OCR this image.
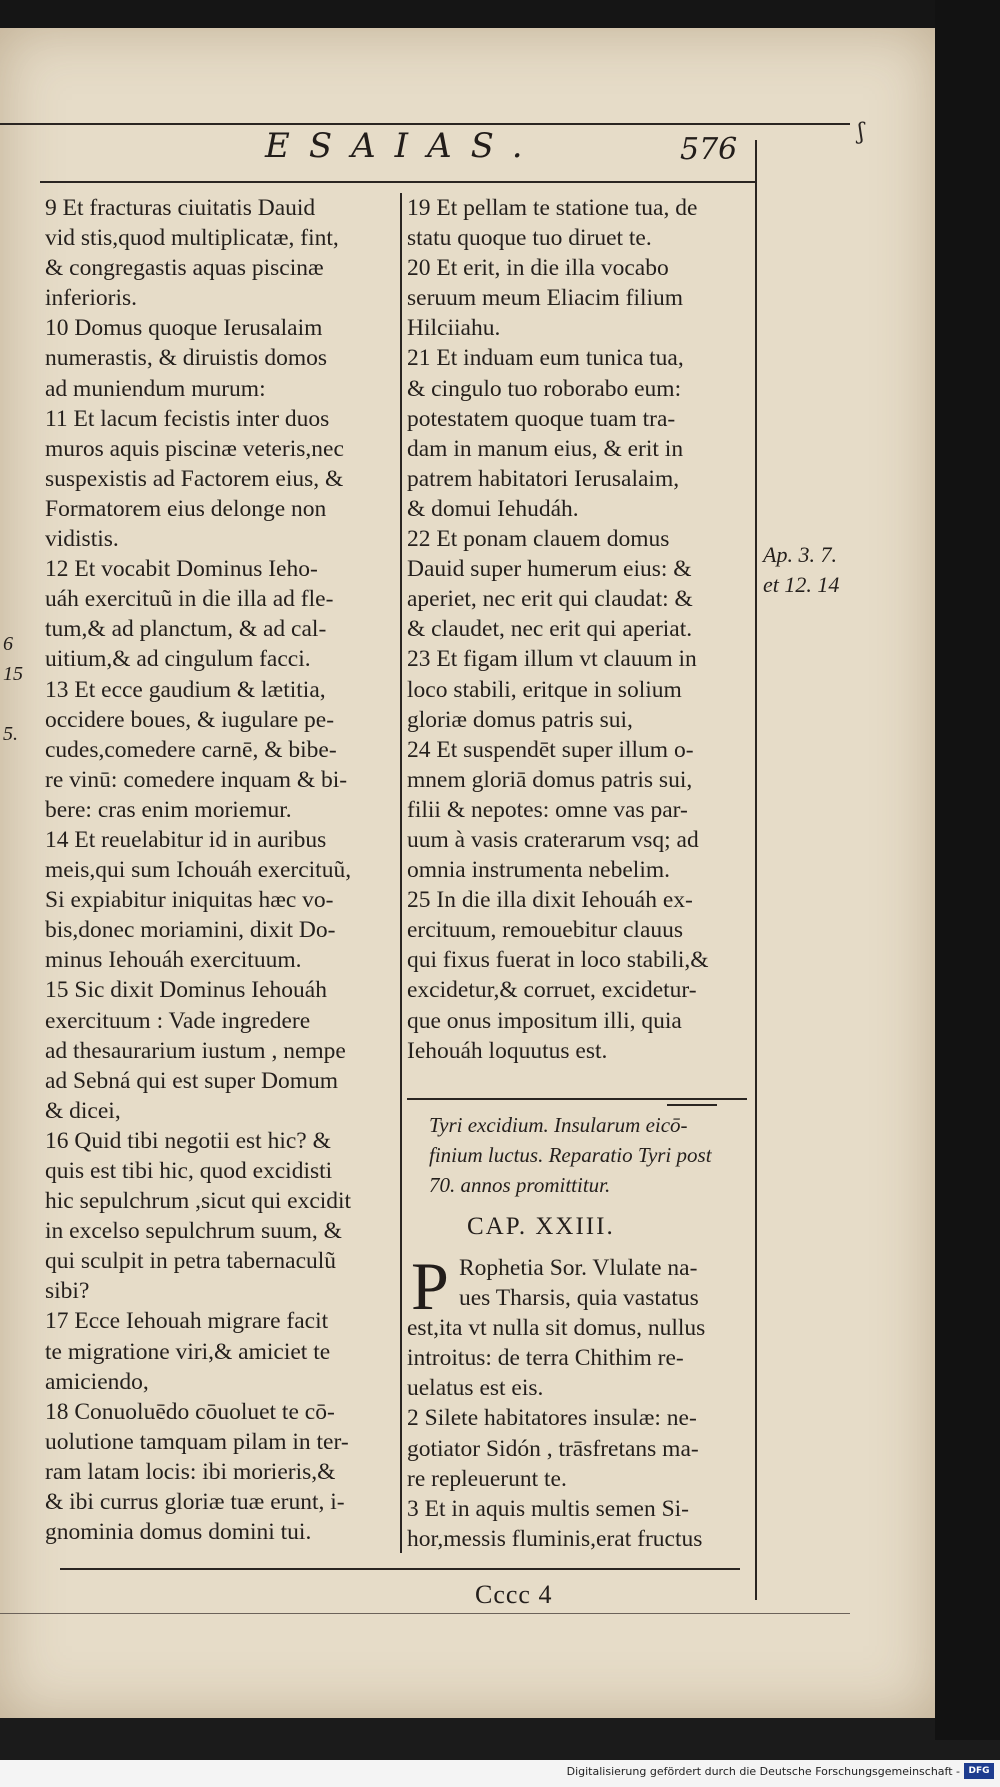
ʃ
ESAIAS.	576
9 Et fracturas ciuitatis Dauid
vid stis,quod multiplicatæ, fint,
& congregastis aquas piscinæ
inferioris.
10 Domus quoque Ierusalaim
numerastis, & diruistis domos
ad muniendum murum:
11 Et lacum fecistis inter duos
muros aquis piscinæ veteris,nec
suspexistis ad Factorem eius, &
Formatorem eius delonge non
vidistis.
12 Et vocabit Dominus Ieho-
uáh exercituũ in die illa ad fle-
tum,& ad planctum, & ad cal-
uitium,& ad cingulum facci.
13 Et ecce gaudium & lætitia,
occidere boues, & iugulare pe-
cudes,comedere carnē, & bibe-
re vinū: comedere inquam & bi-
bere: cras enim moriemur.
14 Et reuelabitur id in auribus
meis,qui sum Ichouáh exercituũ,
Si expiabitur iniquitas hæc vo-
bis,donec moriamini, dixit Do-
minus Iehouáh exercituum.
15 Sic dixit Dominus Iehouáh
exercituum : Vade ingredere
ad thesaurarium iustum , nempe
ad Sebná qui est super Domum
& dicei,
16 Quid tibi negotii est hic? &
quis est tibi hic, quod excidisti
hic sepulchrum ,sicut qui excidit
in excelso sepulchrum suum, &
qui sculpit in petra tabernaculũ
sibi?
17 Ecce Iehouah migrare facit
te migratione viri,& amiciet te
amiciendo,
18 Conuoluēdo cōuoluet te cō-
uolutione tamquam pilam in ter-
ram latam locis: ibi morieris,&
& ibi currus gloriæ tuæ erunt, i-
gnominia domus domini tui.
19 Et pellam te statione tua, de
statu quoque tuo diruet te.
20 Et erit, in die illa vocabo
seruum meum Eliacim filium
Hilciiahu.
21 Et induam eum tunica tua,
& cingulo tuo roborabo eum:
potestatem quoque tuam tra-
dam in manum eius, & erit in
patrem habitatori Ierusalaim,
& domui Iehudáh.
22 Et ponam clauem domus
Dauid super humerum eius: &
aperiet, nec erit qui claudat: &
& claudet, nec erit qui aperiat.
23 Et figam illum vt clauum in
loco stabili, eritque in solium
gloriæ domus patris sui,
24 Et suspendēt super illum o-
mnem gloriā domus patris sui,
filii & nepotes: omne vas par-
uum à vasis craterarum vsq; ad
omnia instrumenta nebelim.
25 In die illa dixit Iehouáh ex-
ercituum, remouebitur clauus
qui fixus fuerat in loco stabili,&
excidetur,& corruet, excidetur-
que onus impositum illi, quia
Iehouáh loquutus est.
Tyri excidium. Insularum eicō-
finium luctus. Reparatio Tyri post
70. annos promittitur.
CAP. XXIII.
P Rophetia Sor. Vlulate na-
ues Tharsis, quia vastatus
est,ita vt nulla sit domus, nullus
introitus: de terra Chithim re-
uelatus est eis.
2 Silete habitatores insulæ: ne-
gotiator Sidón , trāsfretans ma-
re repleuerunt te.
3 Et in aquis multis semen Si-
hor,messis fluminis,erat fructus
Ap. 3. 7.
et 12. 14
6
15
5.
Cccc 4
Digitalisierung gefördert durch die Deutsche Forschungsgemeinschaft - DFG
